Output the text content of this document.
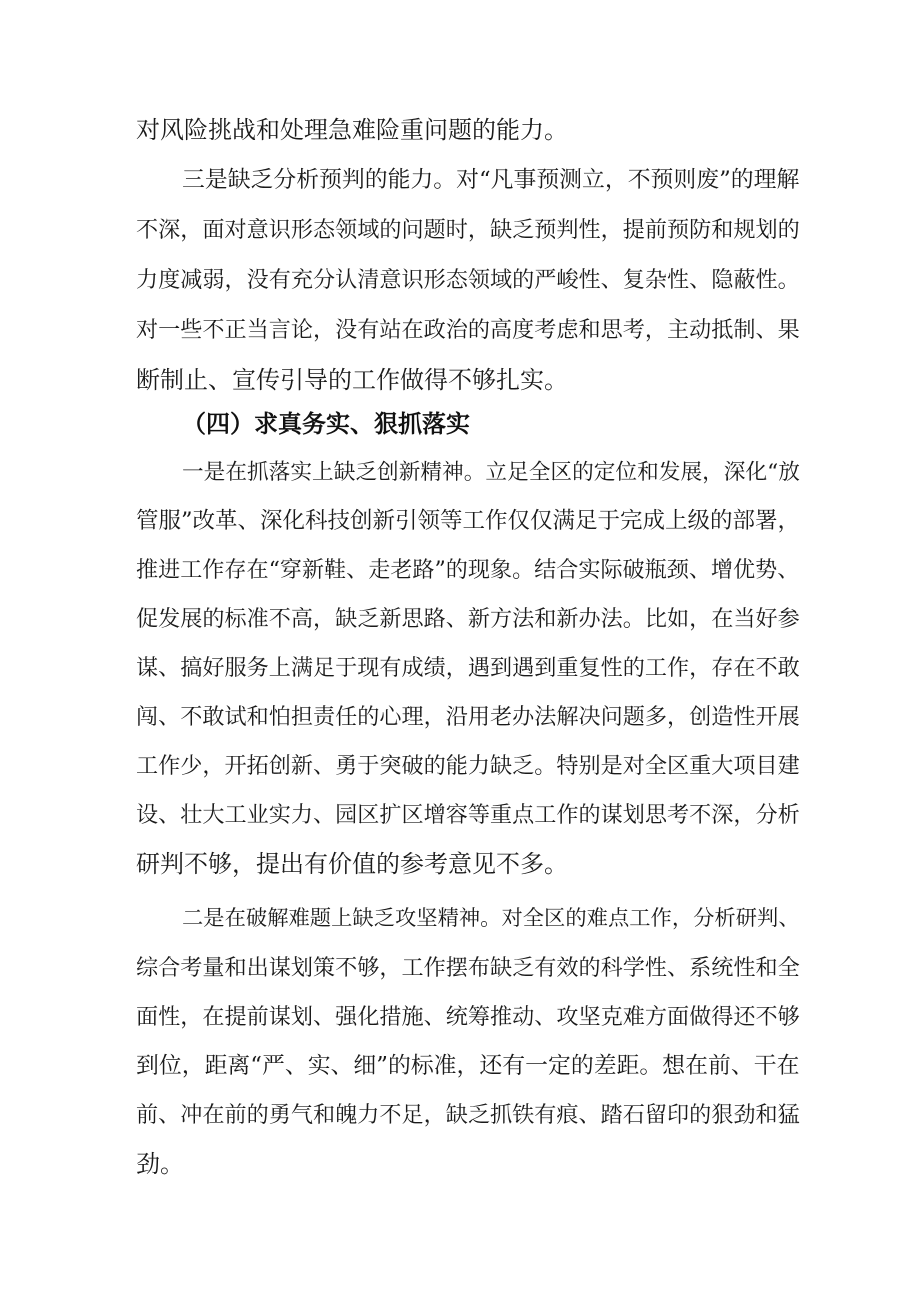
对风险挑战和处理急难险重问题的能力。
三是缺乏分析预判的能力。对“凡事预测立，不预则废”的理解
不深，面对意识形态领域的问题时，缺乏预判性，提前预防和规划的
力度减弱，没有充分认清意识形态领域的严峻性、复杂性、隐蔽性。
对一些不正当言论，没有站在政治的高度考虑和思考，主动抵制、果
断制止、宣传引导的工作做得不够扎实。
（四）求真务实、狠抓落实
一是在抓落实上缺乏创新精神。立足全区的定位和发展，深化“放
管服”改革、深化科技创新引领等工作仅仅满足于完成上级的部署，
推进工作存在“穿新鞋、走老路”的现象。结合实际破瓶颈、增优势、
促发展的标准不高，缺乏新思路、新方法和新办法。比如，在当好参
谋、搞好服务上满足于现有成绩，遇到遇到重复性的工作，存在不敢
闯、不敢试和怕担责任的心理，沿用老办法解决问题多，创造性开展
工作少，开拓创新、勇于突破的能力缺乏。特别是对全区重大项目建
设、壮大工业实力、园区扩区增容等重点工作的谋划思考不深，分析
研判不够，提出有价值的参考意见不多。
二是在破解难题上缺乏攻坚精神。对全区的难点工作，分析研判、
综合考量和出谋划策不够，工作摆布缺乏有效的科学性、系统性和全
面性，在提前谋划、强化措施、统筹推动、攻坚克难方面做得还不够
到位，距离“严、实、细”的标准，还有一定的差距。想在前、干在
前、冲在前的勇气和魄力不足，缺乏抓铁有痕、踏石留印的狠劲和猛
劲。
